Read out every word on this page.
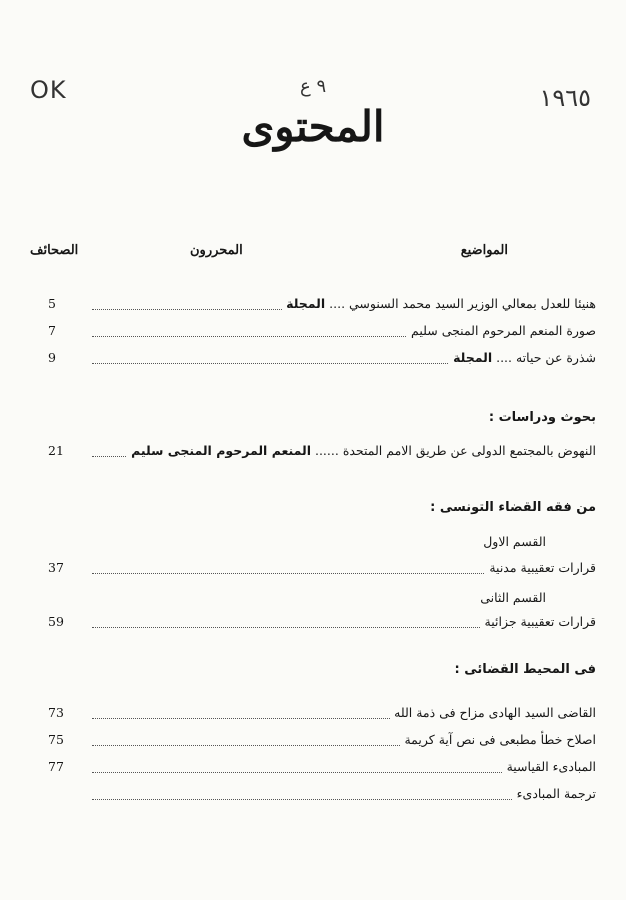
OK	٩ ع	١٩٦٥
المحتوى
المواضيع
المحررون
الصحائف
هنيئا للعدل بمعالي الوزير السيد محمد السنوسي .... المجلة
5
صورة المنعم المرحوم المنجى سليم
7
شذرة عن حياته .... المجلة
9
بحوث ودراسات :
النهوض بالمجتمع الدولى عن طريق الامم المتحدة ...... المنعم المرحوم المنجى سليم
21
من فقه القضاء التونسى :
القسم الاول
قرارات تعقيبية مدنية
37
القسم الثانى
قرارات تعقيبية جزائية
59
فى المحيط القضائى :
القاضى السيد الهادى مزاح فى ذمة الله
73
اصلاح خطأ مطبعى فى نص آية كريمة
75
المبادىء القياسية
77
ترجمة المبادىء
